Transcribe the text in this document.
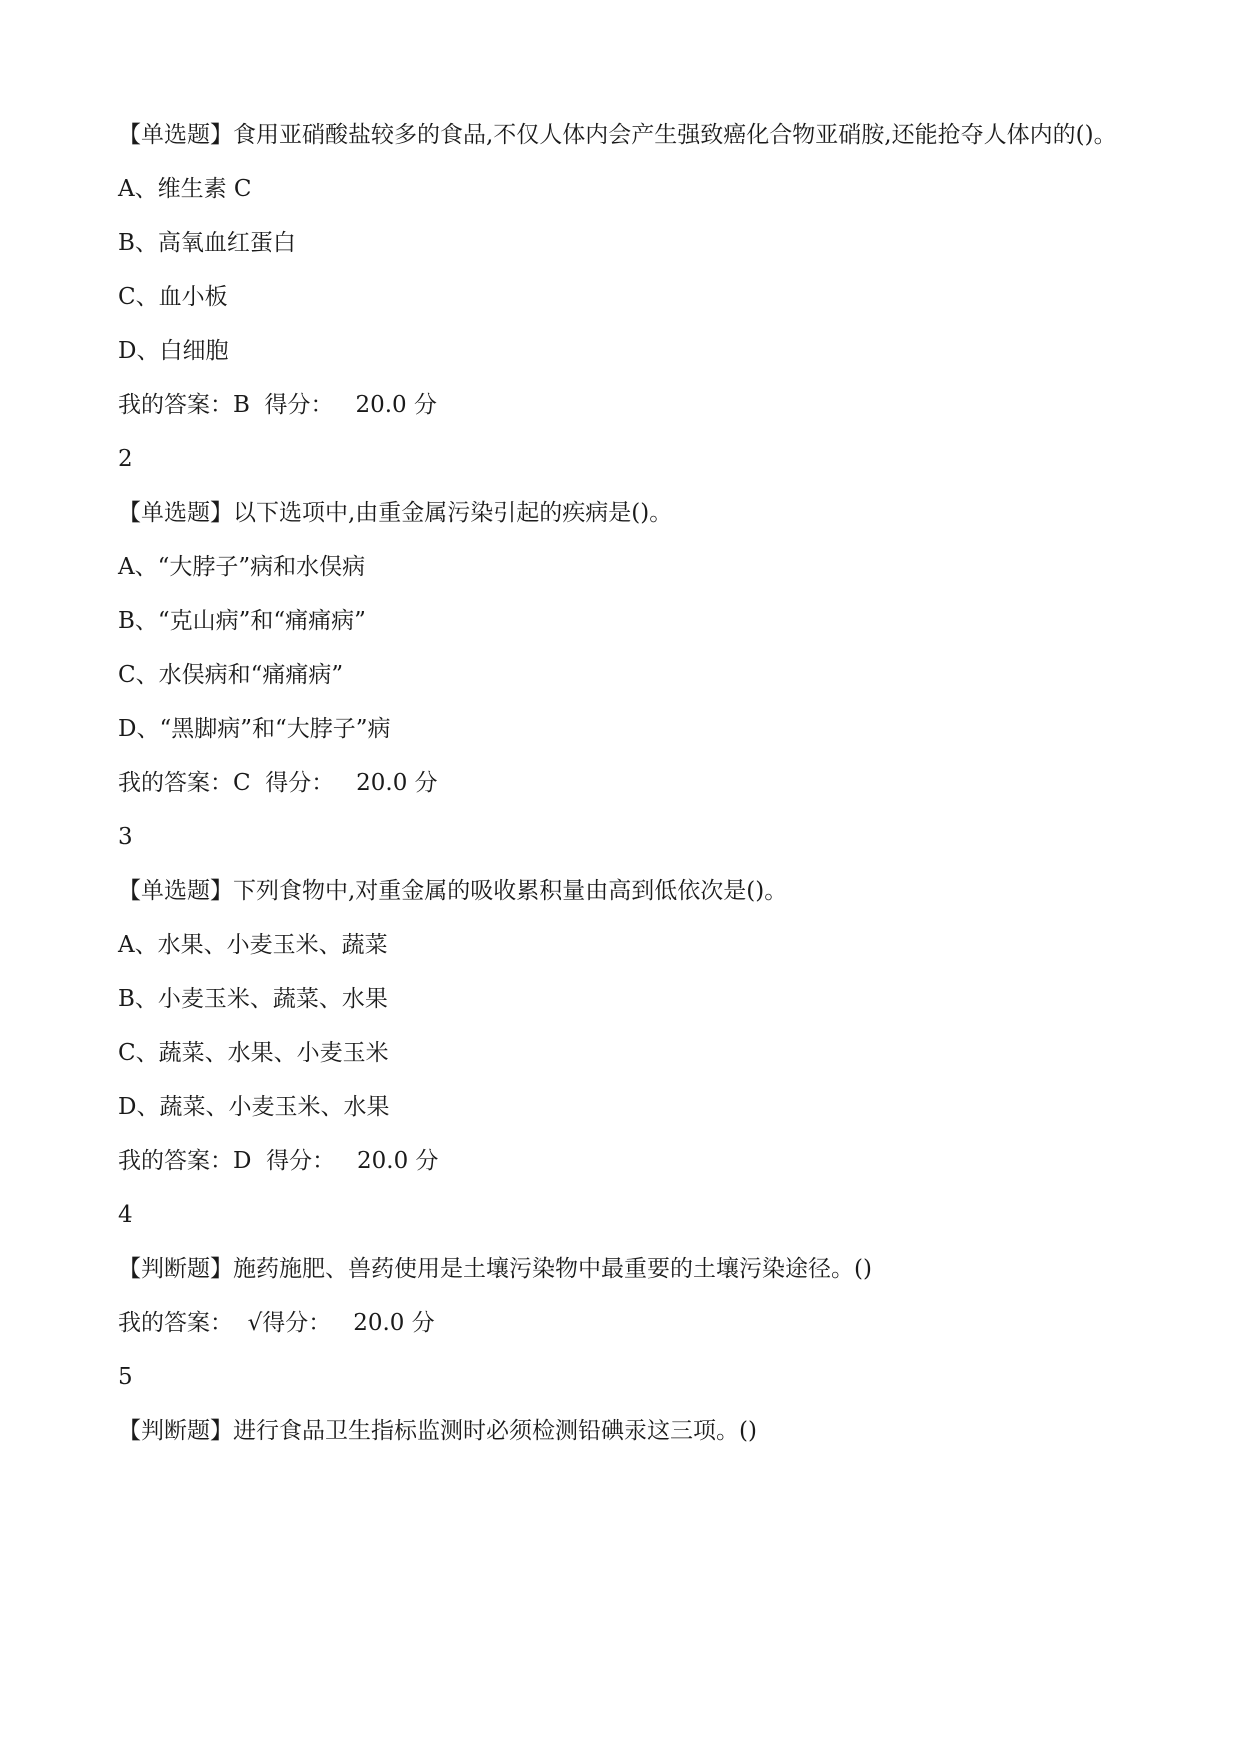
【单选题】食用亚硝酸盐较多的食品,不仅人体内会产生强致癌化合物亚硝胺,还能抢夺人体内的()。

A、维生素 C

B、高氧血红蛋白

C、血小板

D、白细胞

我的答案：B  得分：   20.0 分

2

【单选题】以下选项中,由重金属污染引起的疾病是()。

A、“大脖子”病和水俣病

B、“克山病”和“痛痛病”

C、水俣病和“痛痛病”

D、“黑脚病”和“大脖子”病

我的答案：C  得分：   20.0 分

3

【单选题】下列食物中,对重金属的吸收累积量由高到低依次是()。

A、水果、小麦玉米、蔬菜

B、小麦玉米、蔬菜、水果

C、蔬菜、水果、小麦玉米

D、蔬菜、小麦玉米、水果

我的答案：D  得分：   20.0 分

4

【判断题】施药施肥、兽药使用是土壤污染物中最重要的土壤污染途径。()

我的答案：  √得分：   20.0 分

5

【判断题】进行食品卫生指标监测时必须检测铅碘汞这三项。()
